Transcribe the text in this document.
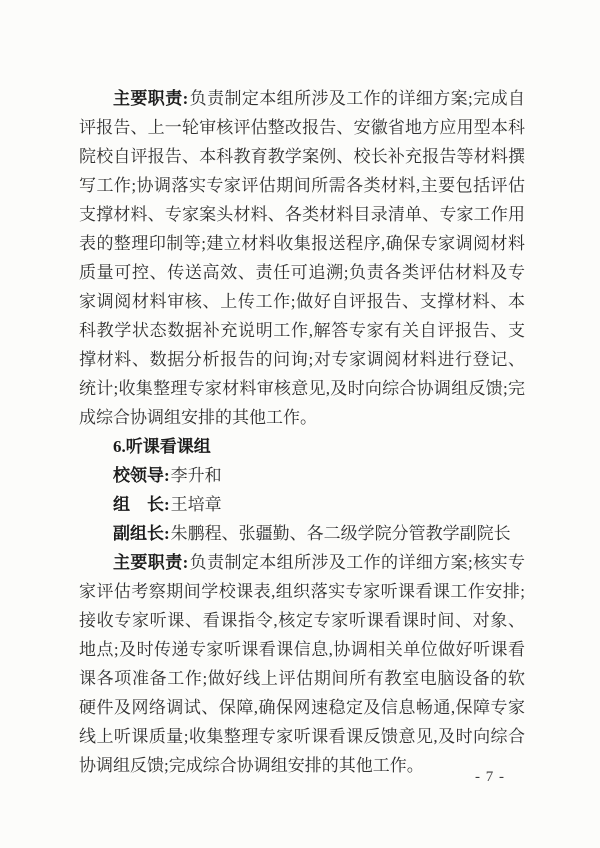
主要职责:负责制定本组所涉及工作的详细方案;完成自评报告、上一轮审核评估整改报告、安徽省地方应用型本科院校自评报告、本科教育教学案例、校长补充报告等材料撰写工作;协调落实专家评估期间所需各类材料,主要包括评估支撑材料、专家案头材料、各类材料目录清单、专家工作用表的整理印制等;建立材料收集报送程序,确保专家调阅材料质量可控、传送高效、责任可追溯;负责各类评估材料及专家调阅材料审核、上传工作;做好自评报告、支撑材料、本科教学状态数据补充说明工作,解答专家有关自评报告、支撑材料、数据分析报告的问询;对专家调阅材料进行登记、统计;收集整理专家材料审核意见,及时向综合协调组反馈;完成综合协调组安排的其他工作。

6.听课看课组

校领导:李升和

组　长:王培章

副组长:朱鹏程、张疆勤、各二级学院分管教学副院长

主要职责:负责制定本组所涉及工作的详细方案;核实专家评估考察期间学校课表,组织落实专家听课看课工作安排;接收专家听课、看课指令,核定专家听课看课时间、对象、地点;及时传递专家听课看课信息,协调相关单位做好听课看课各项准备工作;做好线上评估期间所有教室电脑设备的软硬件及网络调试、保障,确保网速稳定及信息畅通,保障专家线上听课质量;收集整理专家听课看课反馈意见,及时向综合协调组反馈;完成综合协调组安排的其他工作。

- 7 -
